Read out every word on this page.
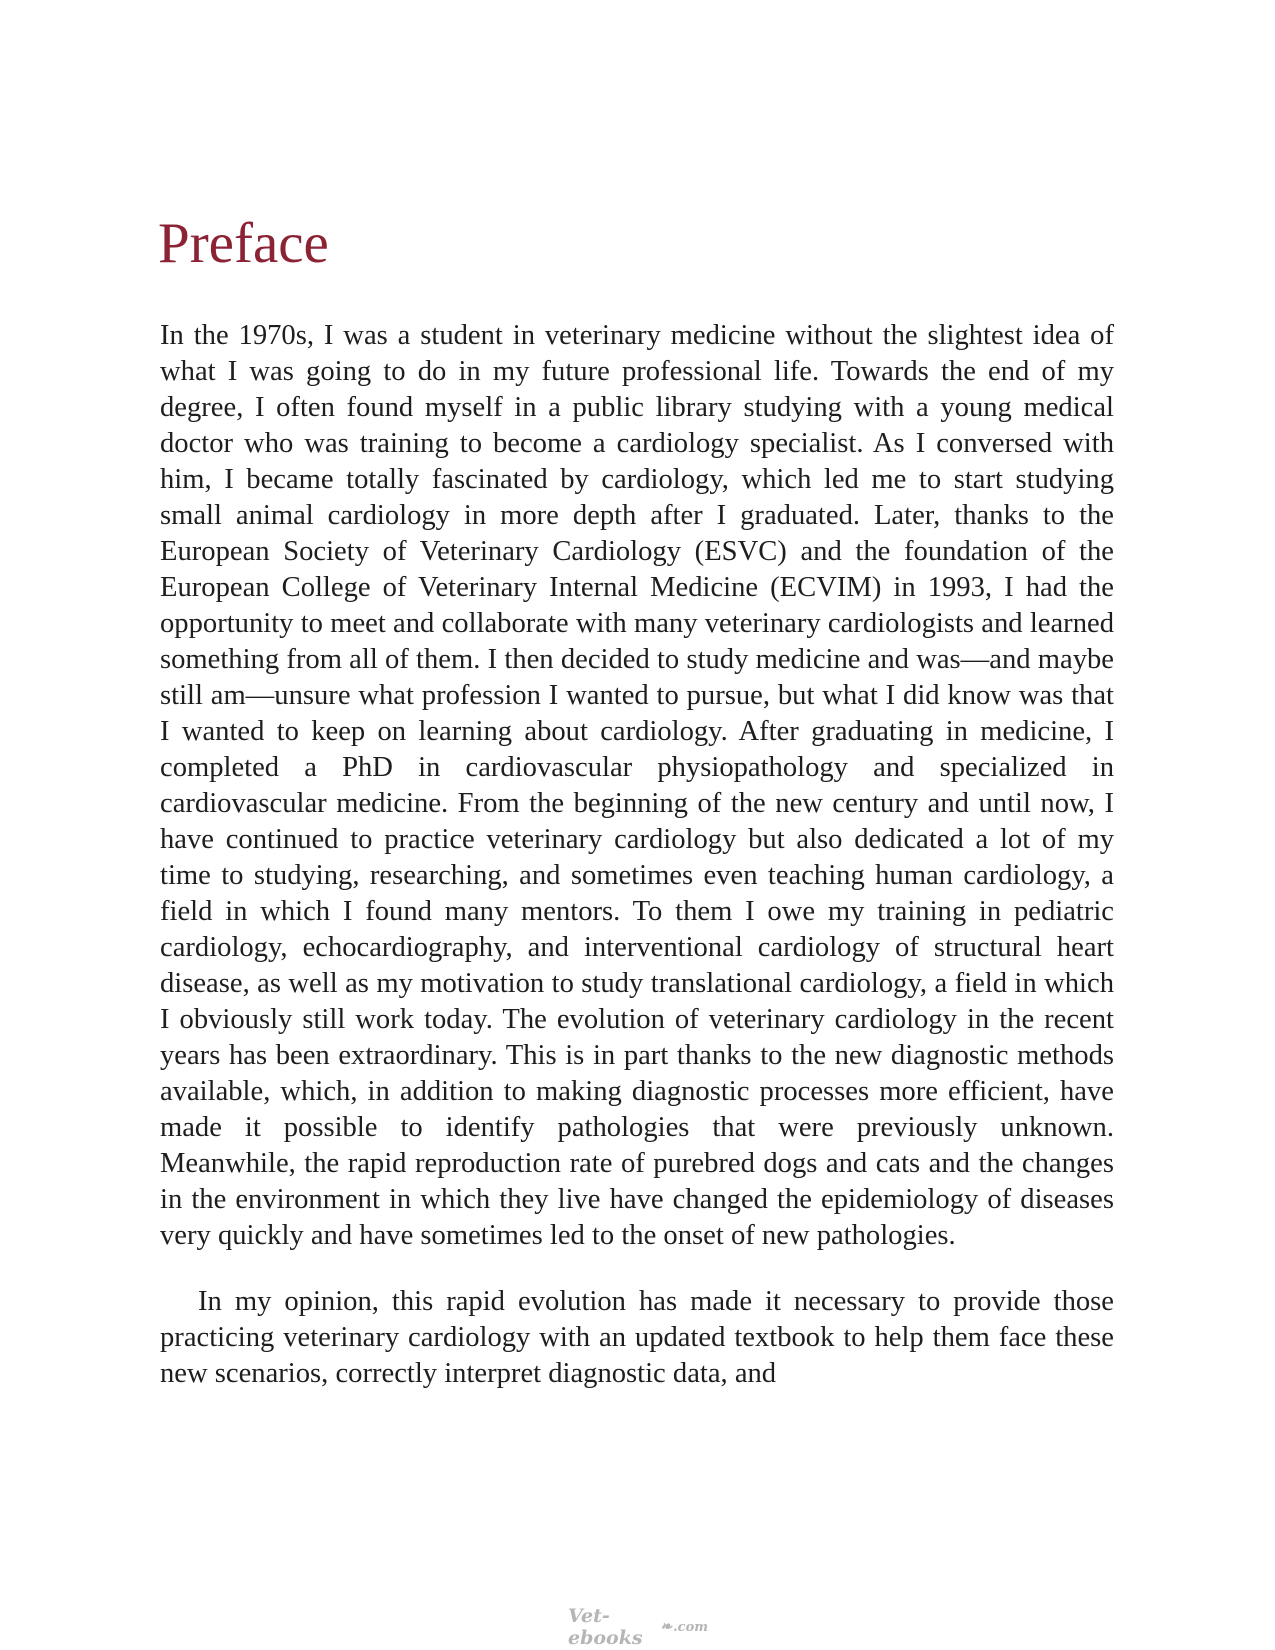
Preface

In the 1970s, I was a student in veterinary medicine without the slightest idea of what I was going to do in my future professional life. Towards the end of my degree, I often found myself in a public library studying with a young medical doctor who was training to become a cardiology specialist. As I conversed with him, I became totally fascinated by cardiology, which led me to start studying small animal cardiology in more depth after I graduated. Later, thanks to the European Society of Veterinary Cardiology (ESVC) and the foundation of the European College of Veterinary Internal Medicine (ECVIM) in 1993, I had the opportunity to meet and collaborate with many veterinary cardiologists and learned something from all of them. I then decided to study medicine and was—and maybe still am—unsure what profession I wanted to pursue, but what I did know was that I wanted to keep on learning about cardiology. After graduating in medicine, I completed a PhD in cardiovascular physiopathology and specialized in cardiovascular medicine. From the beginning of the new century and until now, I have continued to practice veterinary cardiology but also dedicated a lot of my time to studying, researching, and sometimes even teaching human cardiology, a field in which I found many mentors. To them I owe my training in pediatric cardiology, echocardiography, and interventional cardiology of structural heart disease, as well as my motivation to study translational cardiology, a field in which I obviously still work today. The evolution of veterinary cardiology in the recent years has been extraordinary. This is in part thanks to the new diagnostic methods available, which, in addition to making diagnostic processes more efficient, have made it possible to identify pathologies that were previously unknown. Meanwhile, the rapid reproduction rate of purebred dogs and cats and the changes in the environment in which they live have changed the epidemiology of diseases very quickly and have sometimes led to the onset of new pathologies.

In my opinion, this rapid evolution has made it necessary to provide those practicing veterinary cardiology with an updated textbook to help them face these new scenarios, correctly interpret diagnostic data, and

Vet-ebooks	❧ .com
